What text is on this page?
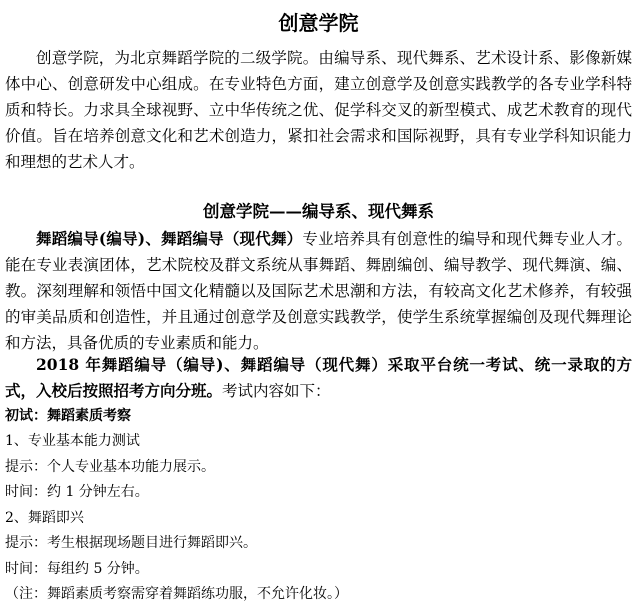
创意学院
创意学院，为北京舞蹈学院的二级学院。由编导系、现代舞系、艺术设计系、影像新媒体中心、创意研发中心组成。在专业特色方面，建立创意学及创意实践教学的各专业学科特质和特长。力求具全球视野、立中华传统之优、促学科交叉的新型模式、成艺术教育的现代价值。旨在培养创意文化和艺术创造力，紧扣社会需求和国际视野，具有专业学科知识能力和理想的艺术人才。
创意学院——编导系、现代舞系
舞蹈编导(编导)、舞蹈编导（现代舞）专业培养具有创意性的编导和现代舞专业人才。能在专业表演团体，艺术院校及群文系统从事舞蹈、舞剧编创、编导教学、现代舞演、编、教。深刻理解和领悟中国文化精髓以及国际艺术思潮和方法，有较高文化艺术修养，有较强的审美品质和创造性，并且通过创意学及创意实践教学，使学生系统掌握编创及现代舞理论和方法，具备优质的专业素质和能力。
2018 年舞蹈编导（编导)、舞蹈编导（现代舞）采取平台统一考试、统一录取的方式，入校后按照招考方向分班。考试内容如下：
初试：舞蹈素质考察
1、专业基本能力测试
提示：个人专业基本功能力展示。
时间：约 1 分钟左右。
2、舞蹈即兴
提示：考生根据现场题目进行舞蹈即兴。
时间：每组约 5 分钟。
（注：舞蹈素质考察需穿着舞蹈练功服，不允许化妆。）
